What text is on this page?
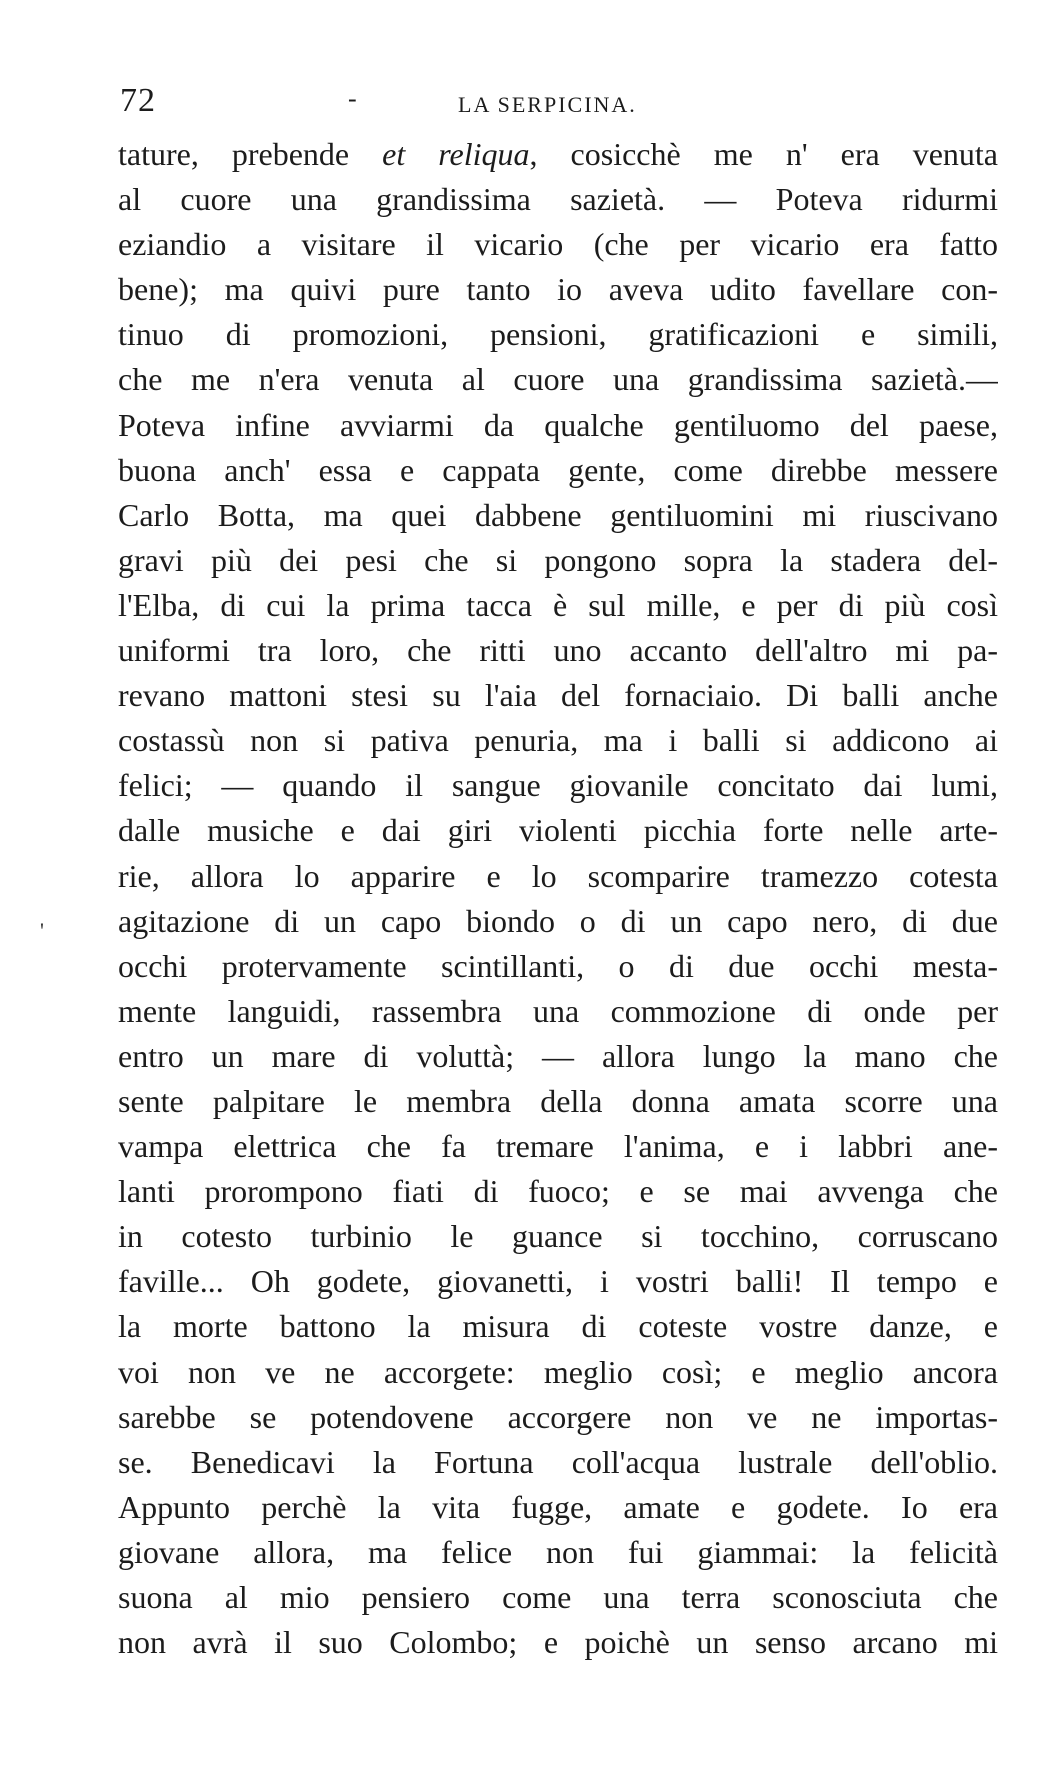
72	-	LA SERPICINA.
'
tature, prebende et reliqua, cosicchè me n' era venuta
al cuore una grandissima sazietà. — Poteva ridurmi
eziandio a visitare il vicario (che per vicario era fatto
bene); ma quivi pure tanto io aveva udito favellare con-
tinuo di promozioni, pensioni, gratificazioni e simili,
che me n'era venuta al cuore una grandissima sazietà.—
Poteva infine avviarmi da qualche gentiluomo del paese,
buona anch' essa e cappata gente, come direbbe messere
Carlo Botta, ma quei dabbene gentiluomini mi riuscivano
gravi più dei pesi che si pongono sopra la stadera del-
l'Elba, di cui la prima tacca è sul mille, e per di più così
uniformi tra loro, che ritti uno accanto dell'altro mi pa-
revano mattoni stesi su l'aia del fornaciaio. Di balli anche
costassù non si pativa penuria, ma i balli si addicono ai
felici; — quando il sangue giovanile concitato dai lumi,
dalle musiche e dai giri violenti picchia forte nelle arte-
rie, allora lo apparire e lo scomparire tramezzo cotesta
agitazione di un capo biondo o di un capo nero, di due
occhi protervamente scintillanti, o di due occhi mesta-
mente languidi, rassembra una commozione di onde per
entro un mare di voluttà; — allora lungo la mano che
sente palpitare le membra della donna amata scorre una
vampa elettrica che fa tremare l'anima, e i labbri ane-
lanti prorompono fiati di fuoco; e se mai avvenga che
in cotesto turbinio le guance si tocchino, corruscano
faville... Oh godete, giovanetti, i vostri balli! Il tempo e
la morte battono la misura di coteste vostre danze, e
voi non ve ne accorgete: meglio così; e meglio ancora
sarebbe se potendovene accorgere non ve ne importas-
se. Benedicavi la Fortuna coll'acqua lustrale dell'oblio.
Appunto perchè la vita fugge, amate e godete. Io era
giovane allora, ma felice non fui giammai: la felicità
suona al mio pensiero come una terra sconosciuta che
non avrà il suo Colombo; e poichè un senso arcano mi
